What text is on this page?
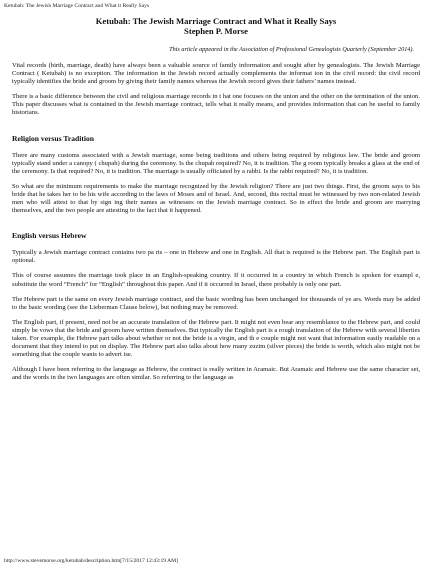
Ketubah: The Jewish Marriage Contract and What it Really Says

Ketubah: The Jewish Marriage Contract and What it Really Says

Stephen P. Morse

This article appeared in the Association of Professional Genealogists Quarterly (September 2014).

Vital records (birth, marriage, death) have always been a valuable source of family information and sought after by genealogists. The Jewish Marriage Contract ( Ketubah) is no exception. The information in the Jewish record actually complements the informat ion in the civil record: the civil record typically identifies the bride and groom by giving their family names whereas the Jewish record gives their fathers’ names instead.

There is a basic difference between the civil and religious marriage records in t hat one focuses on the union and the other on the termination of the union. This paper discusses what is contained in the Jewish marriage contract, tells what it really means, and provides information that can be useful to family historians.

Religion versus Tradition

There are many customs associated with a Jewish marriage, some being traditions and others being required by religious law. The bride and groom typically stand under a canopy ( chupah) during the ceremony. Is the chupah required? No, it is tradition. The g room typically breaks a glass at the end of the ceremony. Is that required? No, it is tradition. The marriage is usually officiated by a rabbi. Is the rabbi required? No, it is tradition.

So what are the minimum requirements to make the marriage recognized by the Jewish religion? There are just two things. First, the groom says to his bride that he takes her to be his wife according to the laws of Moses and of Israel. And, second, this recital must be witnessed by two non-related Jewish men who will attest to that by sign ing their names as witnesses on the Jewish marriage contract. So in effect the bride and groom are marrying themselves, and the two people are attesting to the fact that it happened.

English versus Hebrew

Typically a Jewish marriage contract contains two pa rts – one in Hebrew and one in English. All that is required is the Hebrew part. The English part is optional.

This of course assumes the marriage took place in an English-speaking country. If it occurred in a country in which French is spoken for exampl e, substitute the word “French” for “English” throughout this paper. And if it occurred in Israel, there probably is only one part.

The Hebrew part is the same on every Jewish marriage contract, and the basic wording has been unchanged for thousands of ye ars. Words may be added to the basic wording (see the Lieberman Clause below), but nothing may be removed.

The English part, if present, need not be an accurate translation of the Hebrew part. It might not even bear any resemblance to the Hebrew part, and could simply be vows that the bride and groom have written themselves. But typically the English part is a rough translation of the Hebrew with several liberties taken. For example, the Hebrew part talks about whether or not the bride is a virgin, and th e couple might not want that information easily readable on a document that they intend to put on display. The Hebrew part also talks about how many zuzim (silver pieces) the bride is worth, which also might not be something that the couple wants to advert ise.

Although I have been referring to the language as Hebrew, the contract is really written in Aramaic. But Aramaic and Hebrew use the same character set, and the words in the two languages are often similar. So referring to the language as

http://www.stevemorse.org/ketubah/description.htm[7/15/2017 12:43:19 AM]
